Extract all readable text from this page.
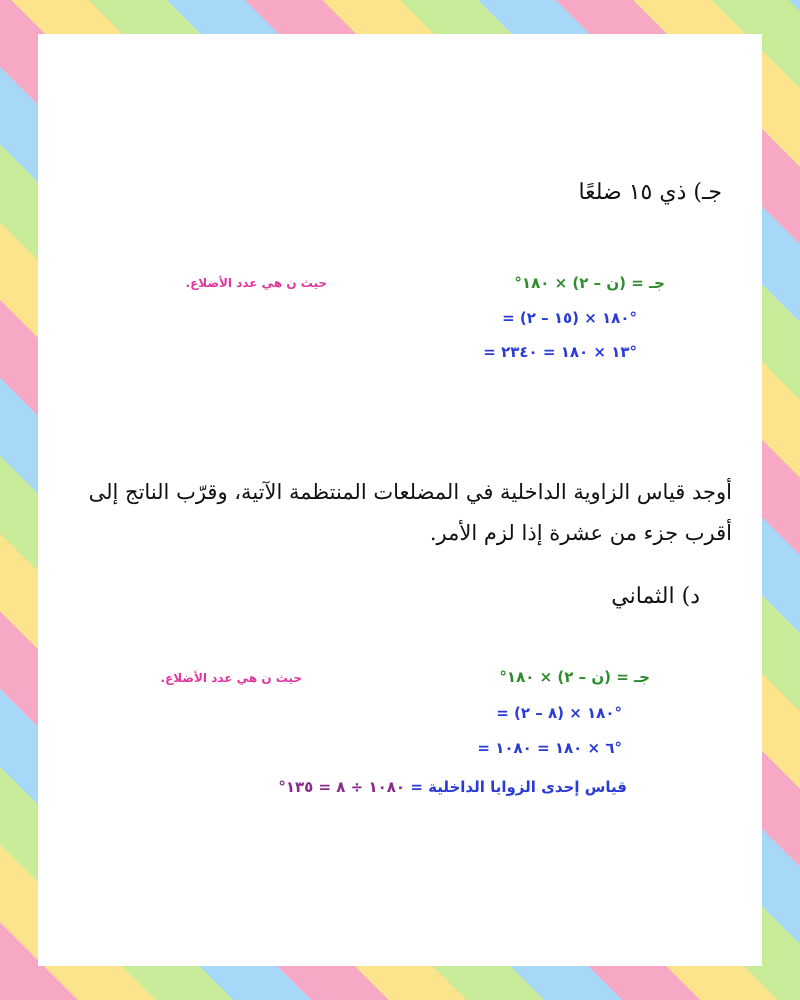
جـ) ذي ١٥ ضلعًا
حيث ن هي عدد الأضلاع.	جـ = (ن – ٢) × ١٨٠°
= (١٥ – ٢) × ١٨٠°
= ١٣ × ١٨٠ = ٢٣٤٠°
أوجد قياس الزاوية الداخلية في المضلعات المنتظمة الآتية، وقرّب الناتج إلى
أقرب جزء من عشرة إذا لزم الأمر.
د) الثماني
حيث ن هي عدد الأضلاع.	جـ = (ن – ٢) × ١٨٠°
= (٨ – ٢) × ١٨٠°
= ٦ × ١٨٠ = ١٠٨٠°
قياس إحدى الزوايا الداخلية = ١٠٨٠ ÷ ٨ = ١٣٥°
